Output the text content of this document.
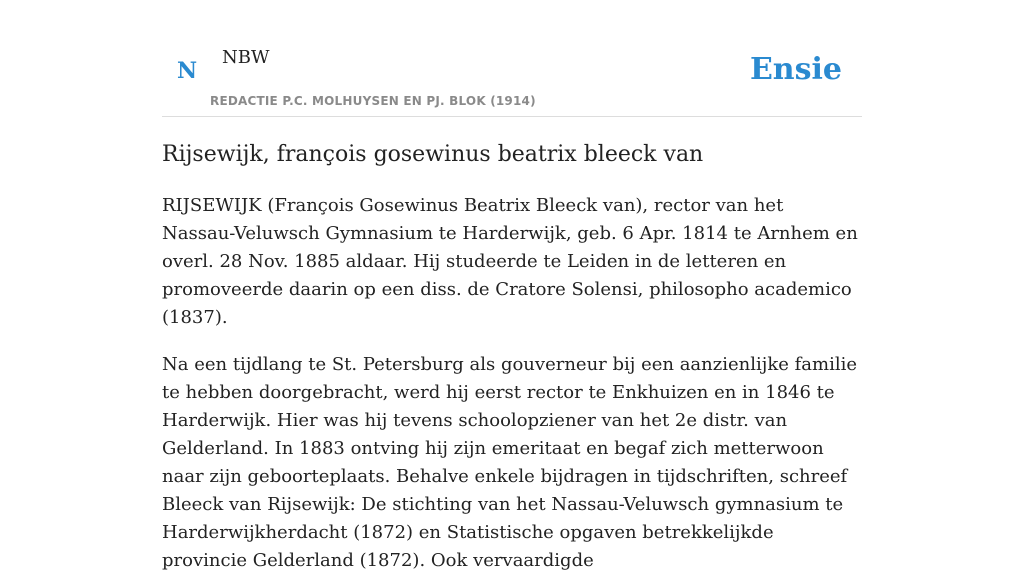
N
NBW
REDACTIE P.C. MOLHUYSEN EN PJ. BLOK (1914)
Ensie
Rijsewijk, françois gosewinus beatrix bleeck van

RIJSEWIJK (François Gosewinus Beatrix Bleeck van), rector van het Nassau-Veluwsch Gymnasium te Harderwijk, geb. 6 Apr. 1814 te Arnhem en overl. 28 Nov. 1885 aldaar. Hij studeerde te Leiden in de letteren en promoveerde daarin op een diss. de Cratore Solensi, philosopho academico (1837).

Na een tijdlang te St. Petersburg als gouverneur bij een aanzienlijke familie te hebben doorgebracht, werd hij eerst rector te Enkhuizen en in 1846 te Harderwijk. Hier was hij tevens schoolopziener van het 2e distr. van Gelderland. In 1883 ontving hij zijn emeritaat en begaf zich metterwoon naar zijn geboorteplaats. Behalve enkele bijdragen in tijdschriften, schreef Bleeck van Rijsewijk: De stichting van het Nassau-Veluwsch gymnasium te Harderwijkherdacht (1872) en Statistische opgaven betrekkelijkde provincie Gelderland (1872). Ook vervaardigde
